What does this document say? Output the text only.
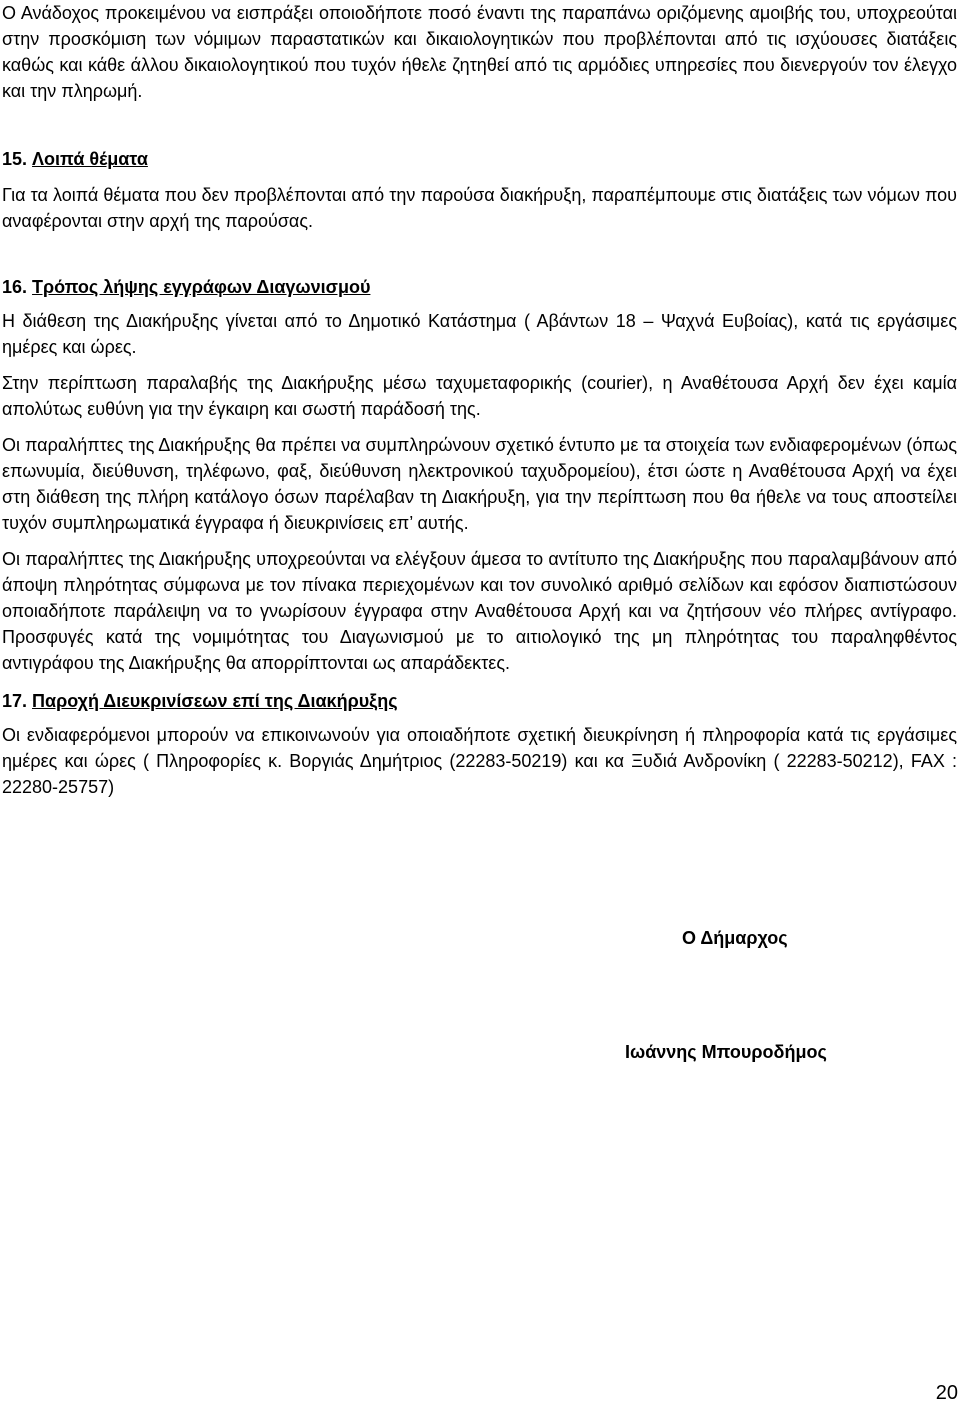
Ο Ανάδοχος προκειμένου να εισπράξει οποιοδήποτε ποσό έναντι της παραπάνω οριζόμενης αμοιβής του, υποχρεούται στην προσκόμιση των νόμιμων παραστατικών και δικαιολογητικών που προβλέπονται από τις ισχύουσες διατάξεις καθώς και κάθε άλλου δικαιολογητικού που τυχόν ήθελε ζητηθεί από τις αρμόδιες υπηρεσίες που διενεργούν τον έλεγχο και την πληρωμή.

15. Λοιπά θέματα

Για τα λοιπά θέματα που δεν προβλέπονται από την παρούσα διακήρυξη, παραπέμπουμε στις διατάξεις των νόμων που αναφέρονται στην αρχή της παρούσας.

16. Τρόπος λήψης εγγράφων Διαγωνισμού

Η διάθεση της Διακήρυξης γίνεται από το Δημοτικό Κατάστημα ( Αβάντων 18 – Ψαχνά Ευβοίας), κατά τις εργάσιμες ημέρες και ώρες.

Στην περίπτωση παραλαβής της Διακήρυξης μέσω ταχυμεταφορικής (courier), η Αναθέτουσα Αρχή δεν έχει καμία απολύτως ευθύνη για την έγκαιρη και σωστή παράδοσή της.

Οι παραλήπτες της Διακήρυξης θα πρέπει να συμπληρώνουν σχετικό έντυπο με τα στοιχεία των ενδιαφερομένων (όπως επωνυμία, διεύθυνση, τηλέφωνο, φαξ, διεύθυνση ηλεκτρονικού ταχυδρομείου), έτσι ώστε η Αναθέτουσα Αρχή να έχει στη διάθεση της πλήρη κατάλογο όσων παρέλαβαν τη Διακήρυξη, για την περίπτωση που θα ήθελε να τους αποστείλει τυχόν συμπληρωματικά έγγραφα ή διευκρινίσεις επ’ αυτής.

Οι παραλήπτες της Διακήρυξης υποχρεούνται να ελέγξουν άμεσα το αντίτυπο της Διακήρυξης που παραλαμβάνουν από άποψη πληρότητας σύμφωνα με τον πίνακα περιεχομένων και τον συνολικό αριθμό σελίδων και εφόσον διαπιστώσουν οποιαδήποτε παράλειψη να το γνωρίσουν έγγραφα στην Αναθέτουσα Αρχή και να ζητήσουν νέο πλήρες αντίγραφο. Προσφυγές κατά της νομιμότητας του Διαγωνισμού με το αιτιολογικό της μη πληρότητας του παραληφθέντος αντιγράφου της Διακήρυξης θα απορρίπτονται ως απαράδεκτες.

17. Παροχή Διευκρινίσεων επί της Διακήρυξης

Οι ενδιαφερόμενοι μπορούν να επικοινωνούν για οποιαδήποτε σχετική διευκρίνηση ή πληροφορία κατά τις εργάσιμες ημέρες και ώρες ( Πληροφορίες κ. Βοργιάς Δημήτριος (22283-50219) και κα Ξυδιά Ανδρονίκη ( 22283-50212), FAX : 22280-25757)

Ο Δήμαρχος
Ιωάννης Μπουροδήμος
20
